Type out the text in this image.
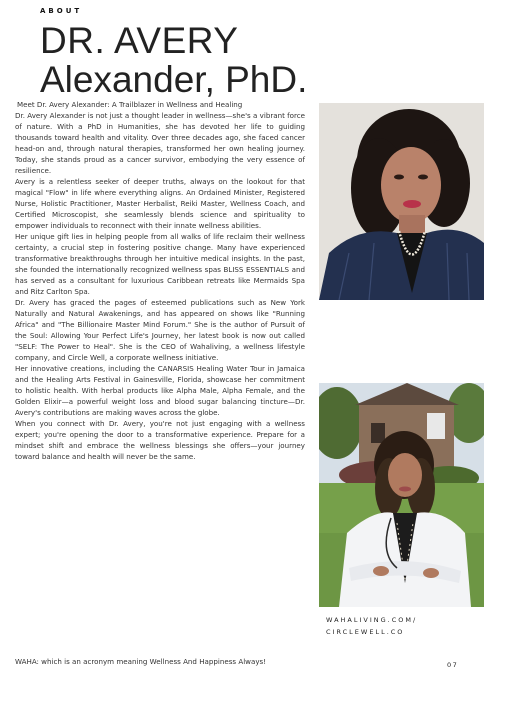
ABOUT
DR. AVERY
Alexander, PhD.

Meet Dr. Avery Alexander: A Trailblazer in Wellness and Healing

Dr. Avery Alexander is not just a thought leader in wellness—she's a vibrant force of nature. With a PhD in Humanities, she has devoted her life to guiding thousands toward health and vitality. Over three decades ago, she faced cancer head-on and, through natural therapies, transformed her own healing journey. Today, she stands proud as a cancer survivor, embodying the very essence of resilience.

Avery is a relentless seeker of deeper truths, always on the lookout for that magical "Flow" in life where everything aligns. An Ordained Minister, Registered Nurse, Holistic Practitioner, Master Herbalist, Reiki Master, Wellness Coach, and Certified Microscopist, she seamlessly blends science and spirituality to empower individuals to reconnect with their innate wellness abilities.

Her unique gift lies in helping people from all walks of life reclaim their wellness certainty, a crucial step in fostering positive change. Many have experienced transformative breakthroughs through her intuitive medical insights. In the past, she founded the internationally recognized wellness spas BLISS ESSENTIALS and has served as a consultant for luxurious Caribbean retreats like Mermaids Spa and Ritz Carlton Spa.

Dr. Avery has graced the pages of esteemed publications such as New York Naturally and Natural Awakenings, and has appeared on shows like "Running Africa" and "The Billionaire Master Mind Forum." She is the author of Pursuit of the Soul: Allowing Your Perfect Life's Journey, her latest book is now out called "SELF: The Power to Heal". She is the CEO of Wahaliving, a wellness lifestyle company, and Circle Well, a corporate wellness initiative.

Her innovative creations, including the CANARSIS Healing Water Tour in Jamaica and the Healing Arts Festival in Gainesville, Florida, showcase her commitment to holistic health. With herbal products like Alpha Male, Alpha Female, and the Golden Elixir—a powerful weight loss and blood sugar balancing tincture—Dr. Avery's contributions are making waves across the globe.

When you connect with Dr. Avery, you're not just engaging with a wellness expert; you're opening the door to a transformative experience. Prepare for a mindset shift and embrace the wellness blessings she offers—your journey toward balance and health will never be the same.

WAHALIVING.COM/
CIRCLEWELL.CO
WAHA: which is an acronym meaning Wellness And Happiness Always!	07
